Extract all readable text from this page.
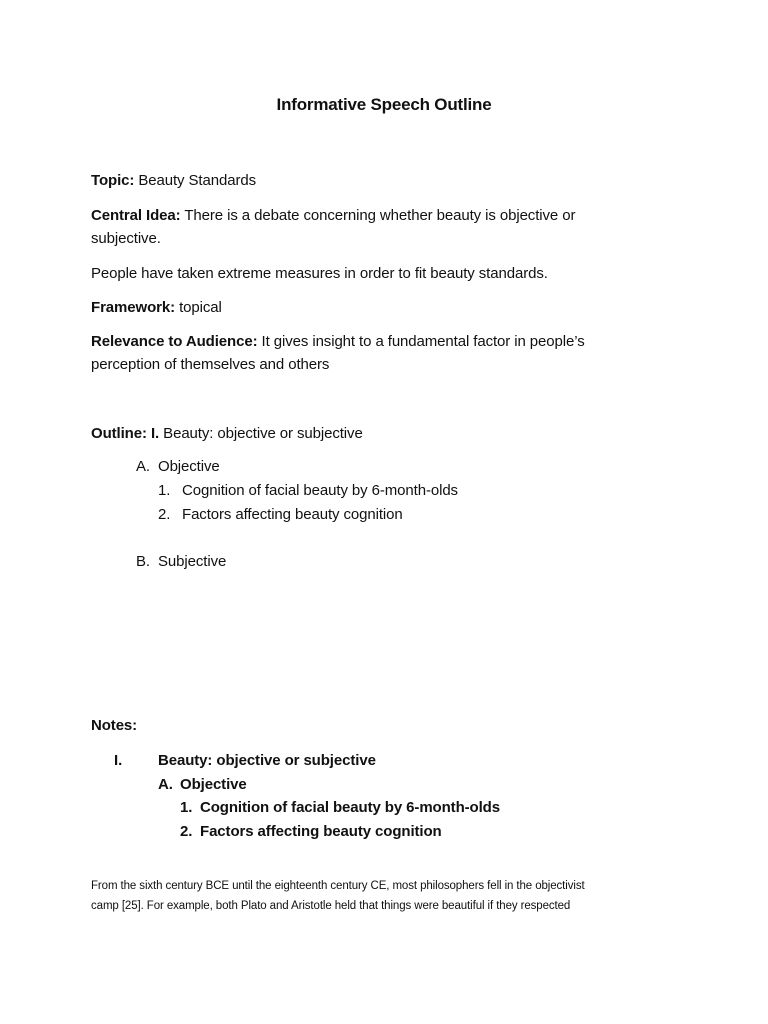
Informative Speech Outline
Topic: Beauty Standards
Central Idea: There is a debate concerning whether beauty is objective or
subjective.
People have taken extreme measures in order to fit beauty standards.
Framework: topical
Relevance to Audience: It gives insight to a fundamental factor in people’s
perception of themselves and others
Outline: I. Beauty: objective or subjective
A. Objective
1. Cognition of facial beauty by 6-month-olds
2. Factors affecting beauty cognition
B. Subjective
Notes:
I. Beauty: objective or subjective
A. Objective
1. Cognition of facial beauty by 6-month-olds
2. Factors affecting beauty cognition
From the sixth century BCE until the eighteenth century CE, most philosophers fell in the objectivist
camp [25]. For example, both Plato and Aristotle held that things were beautiful if they respected
